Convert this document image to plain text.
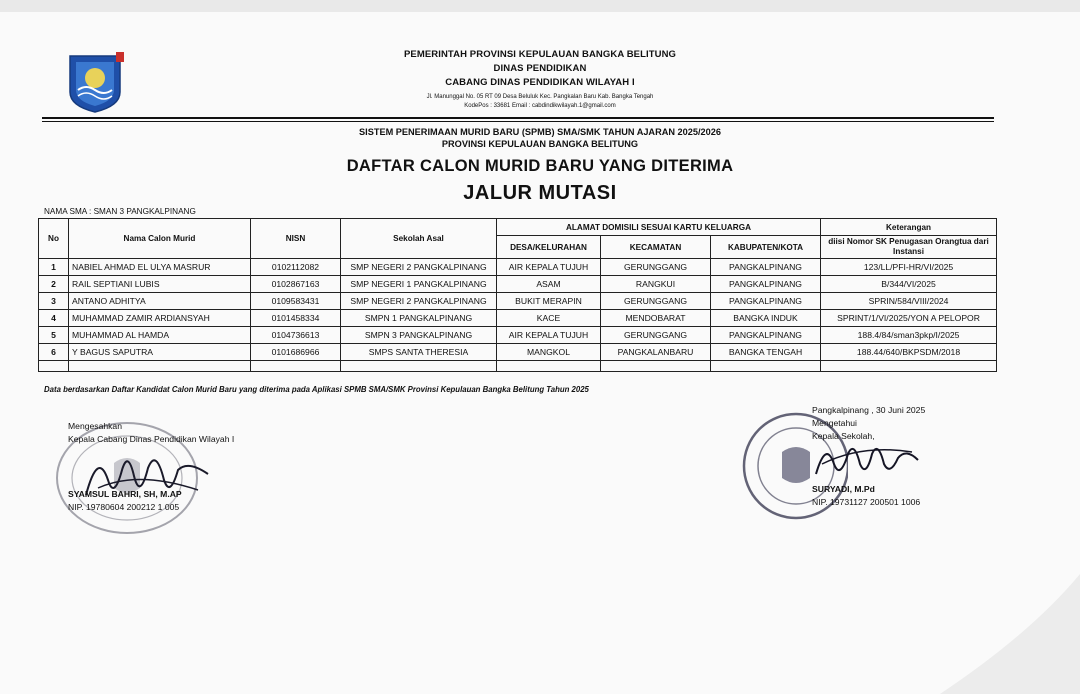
PEMERINTAH PROVINSI KEPULAUAN BANGKA BELITUNG
DINAS PENDIDIKAN
CABANG DINAS PENDIDIKAN WILAYAH I
Jl. Manunggal No. 05 RT 09 Desa Beluluk Kec. Pangkalan Baru Kab. Bangka Tengah
KodePos : 33681 Email : cabdindikwilayah.1@gmail.com
SISTEM PENERIMAAN MURID BARU (SPMB) SMA/SMK TAHUN AJARAN 2025/2026
PROVINSI KEPULAUAN BANGKA BELITUNG
DAFTAR CALON MURID BARU YANG DITERIMA
JALUR MUTASI
NAMA SMA : SMAN 3 PANGKALPINANG
No	Nama Calon Murid	NISN	Sekolah Asal	ALAMAT DOMISILI SESUAI KARTU KELUARGA			Keterangan
				DESA/KELURAHAN	KECAMATAN	KABUPATEN/KOTA	diisi Nomor SK Penugasan Orangtua dari Instansi
1	NABIEL AHMAD EL ULYA MASRUR	0102112082	SMP NEGERI 2 PANGKALPINANG	AIR KEPALA TUJUH	GERUNGGANG	PANGKALPINANG	123/LL/PFI-HR/VI/2025
2	RAIL SEPTIANI LUBIS	0102867163	SMP NEGERI 1 PANGKALPINANG	ASAM	RANGKUI	PANGKALPINANG	B/344/VI/2025
3	ANTANO ADHITYA	0109583431	SMP NEGERI 2 PANGKALPINANG	BUKIT MERAPIN	GERUNGGANG	PANGKALPINANG	SPRIN/584/VIII/2024
4	MUHAMMAD ZAMIR ARDIANSYAH	0101458334	SMPN 1 PANGKALPINANG	KACE	MENDOBARAT	BANGKA INDUK	SPRINT/1/VI/2025/YON A PELOPOR
5	MUHAMMAD AL HAMDA	0104736613	SMPN 3 PANGKALPINANG	AIR KEPALA TUJUH	GERUNGGANG	PANGKALPINANG	188.4/84/sman3pkp/I/2025
6	Y BAGUS SAPUTRA	0101686966	SMPS SANTA THERESIA	MANGKOL	PANGKALANBARU	BANGKA TENGAH	188.44/640/BKPSDM/2018

Data berdasarkan Daftar Kandidat Calon Murid Baru yang diterima pada Aplikasi SPMB SMA/SMK Provinsi Kepulauan Bangka Belitung Tahun 2025
Mengesahkan
Kepala Cabang Dinas Pendidikan Wilayah I
SYAMSUL BAHRI, SH, M.AP
NIP. 19780604 200212 1 005
Pangkalpinang , 30 Juni 2025
Mengetahui
Kepala Sekolah,
SURYADI, M.Pd
NIP. 19731127 200501 1006
